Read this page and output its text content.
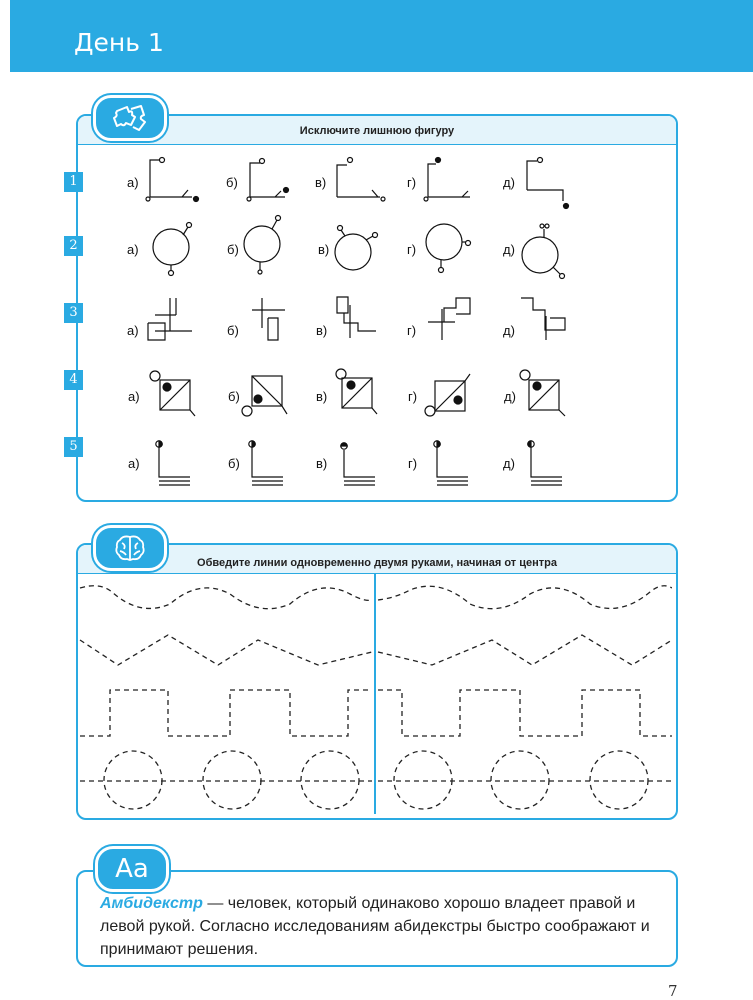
День 1
Исключите лишнюю фигуру
1
2
3
4
5
а)	б)	в)	г)	д)
а)	б)	в)	г)	д)
а)	б)	в)	г)	д)
а)	б)	в)	г)	д)
а)	б)	в)	г)	д)
Обведите линии одновременно двумя руками, начиная от центра
Амбидекстр — человек, который одинаково хорошо владеет правой и левой рукой. Согласно исследованиям абидекстры быстро соображают и принимают решения.
Aa
7
